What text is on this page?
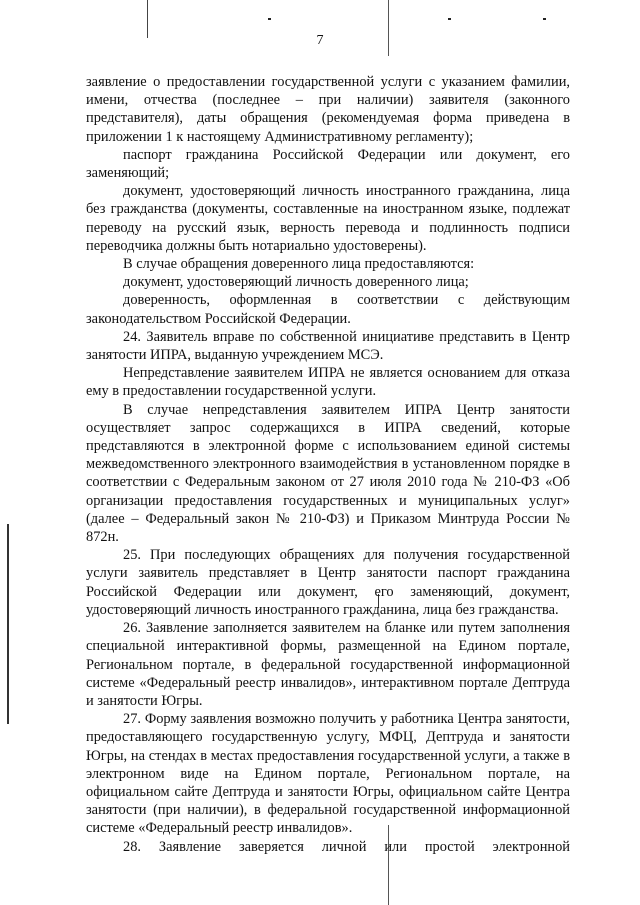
7

заявление о предоставлении государственной услуги с указанием фамилии, имени, отчества (последнее – при наличии) заявителя (законного представителя), даты обращения (рекомендуемая форма приведена в приложении 1 к настоящему Административному регламенту);

паспорт гражданина Российской Федерации или документ, его заменяющий;

документ, удостоверяющий личность иностранного гражданина, лица без гражданства (документы, составленные на иностранном языке, подлежат переводу на русский язык, верность перевода и подлинность подписи переводчика должны быть нотариально удостоверены).

В случае обращения доверенного лица предоставляются:

документ, удостоверяющий личность доверенного лица;

доверенность, оформленная в соответствии с действующим законодательством Российской Федерации.

24. Заявитель вправе по собственной инициативе представить в Центр занятости ИПРА, выданную учреждением МСЭ.

Непредставление заявителем ИПРА не является основанием для отказа ему в предоставлении государственной услуги.

В случае непредставления заявителем ИПРА Центр занятости осуществляет запрос содержащихся в ИПРА сведений, которые представляются в электронной форме с использованием единой системы межведомственного электронного взаимодействия в установленном порядке в соответствии с Федеральным законом от 27 июля 2010 года № 210-ФЗ «Об организации предоставления государственных и муниципальных услуг» (далее – Федеральный закон № 210-ФЗ) и Приказом Минтруда России № 872н.

25. При последующих обращениях для получения государственной услуги заявитель представляет в Центр занятости паспорт гражданина Российской Федерации или документ, его заменяющий, документ, удостоверяющий личность иностранного гражданина, лица без гражданства.

26. Заявление заполняется заявителем на бланке или путем заполнения специальной интерактивной формы, размещенной на Едином портале, Региональном портале, в федеральной государственной информационной системе «Федеральный реестр инвалидов», интерактивном портале Дептруда и занятости Югры.

27. Форму заявления возможно получить у работника Центра занятости, предоставляющего государственную услугу, МФЦ, Дептруда и занятости Югры, на стендах в местах предоставления государственной услуги, а также в электронном виде на Едином портале, Региональном портале, на официальном сайте Дептруда и занятости Югры, официальном сайте Центра занятости (при наличии), в федеральной государственной информационной системе «Федеральный реестр инвалидов».

28. Заявление заверяется личной или простой электронной
